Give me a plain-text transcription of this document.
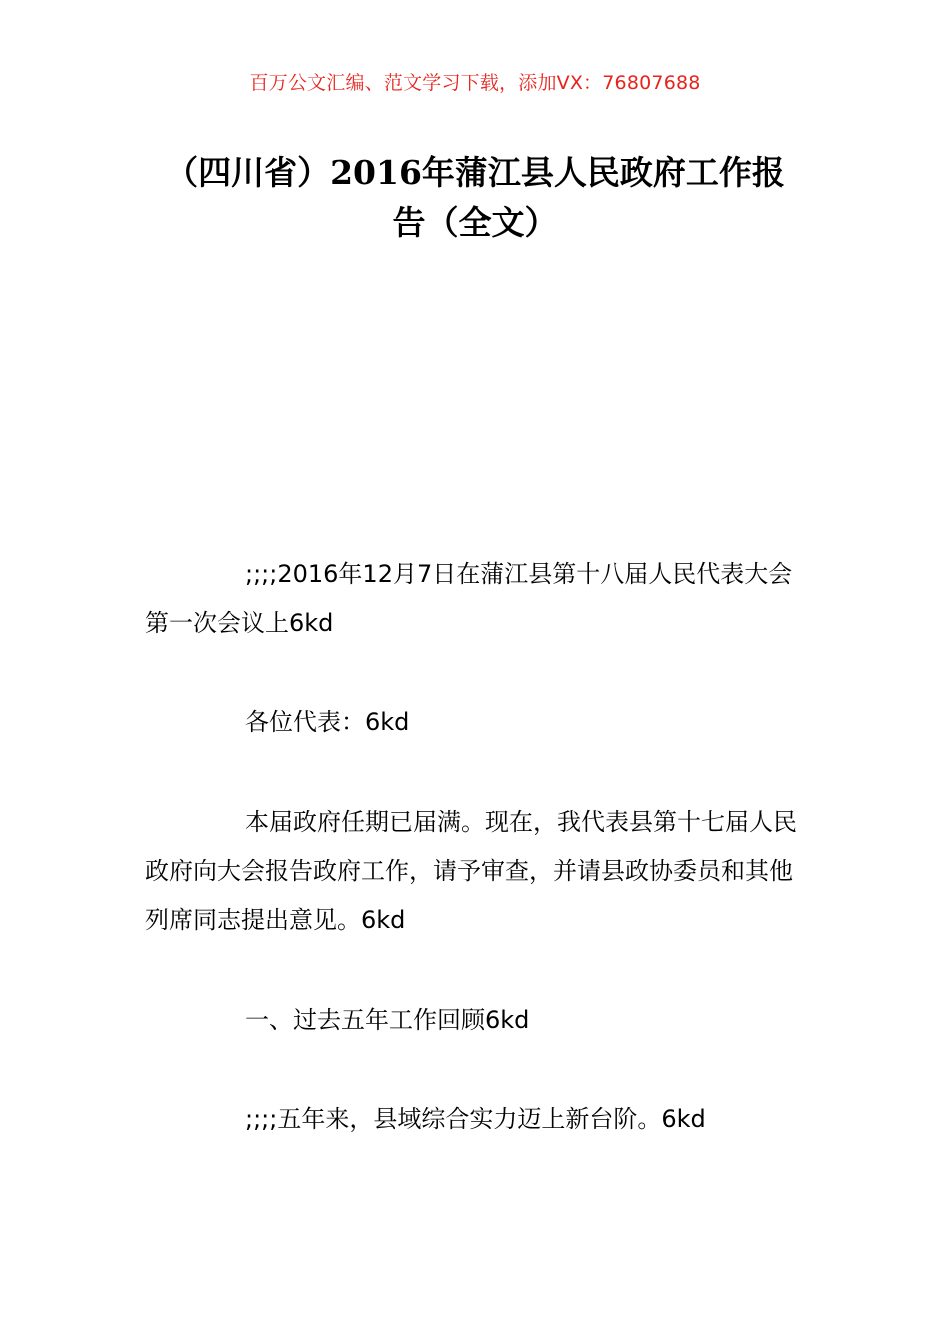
百万公文汇编、范文学习下载，添加VX：76807688
（四川省）2016年蒲江县人民政府工作报
告（全文）

;;;;2016年12月7日在蒲江县第十八届人民代表大会第一次会议上6kd

各位代表：6kd

本届政府任期已届满。现在，我代表县第十七届人民政府向大会报告政府工作，请予审查，并请县政协委员和其他列席同志提出意见。6kd

一、过去五年工作回顾6kd

;;;;五年来，县域综合实力迈上新台阶。6kd
